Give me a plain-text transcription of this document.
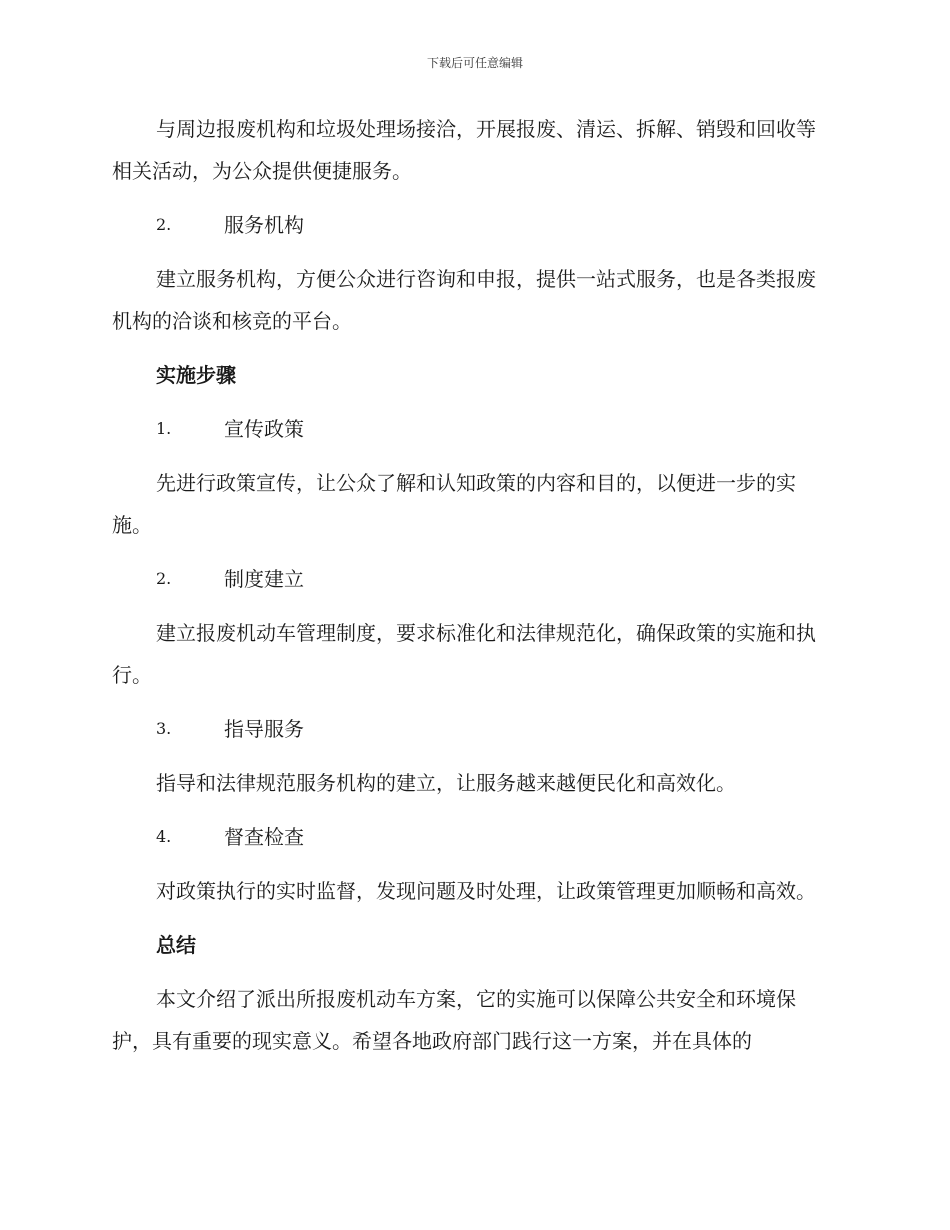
下载后可任意编辑

与周边报废机构和垃圾处理场接洽，开展报废、清运、拆解、销毁和回收等相关活动，为公众提供便捷服务。

2.	服务机构

建立服务机构，方便公众进行咨询和申报，提供一站式服务，也是各类报废机构的洽谈和核竞的平台。

实施步骤
1.	宣传政策

先进行政策宣传，让公众了解和认知政策的内容和目的，以便进一步的实施。

2.	制度建立

建立报废机动车管理制度，要求标准化和法律规范化，确保政策的实施和执行。

3.	指导服务

指导和法律规范服务机构的建立，让服务越来越便民化和高效化。

4.	督查检查

对政策执行的实时监督，发现问题及时处理，让政策管理更加顺畅和高效。

总结

本文介绍了派出所报废机动车方案，它的实施可以保障公共安全和环境保护，具有重要的现实意义。希望各地政府部门践行这一方案，并在具体的
